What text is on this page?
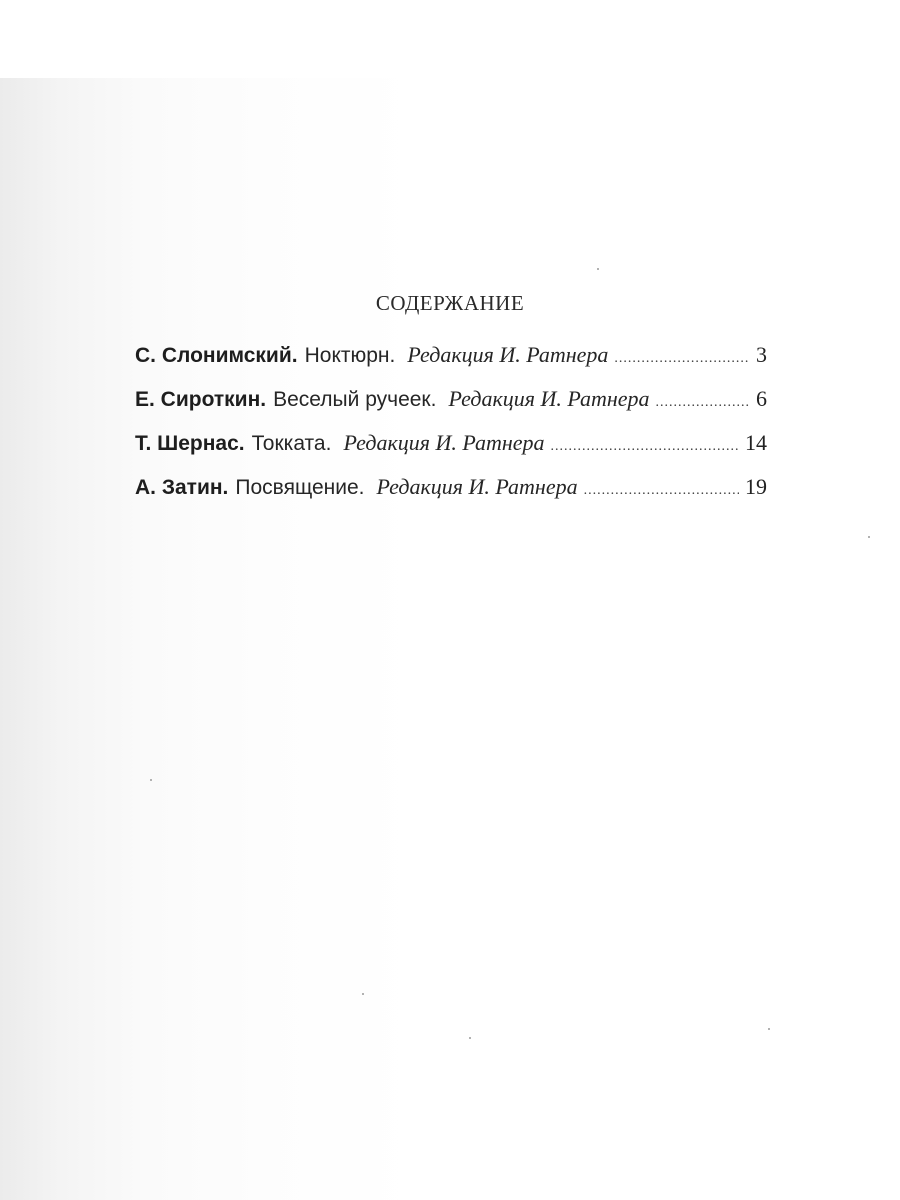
СОДЕРЖАНИЕ
С. Слонимский. Ноктюрн. Редакция И. Ратнера .....	3
Е. Сироткин. Веселый ручеек. Редакция И. Ратнера .....	6
Т. Шернас. Токката. Редакция И. Ратнера .....	14
А. Затин. Посвящение. Редакция И. Ратнера .....	19
